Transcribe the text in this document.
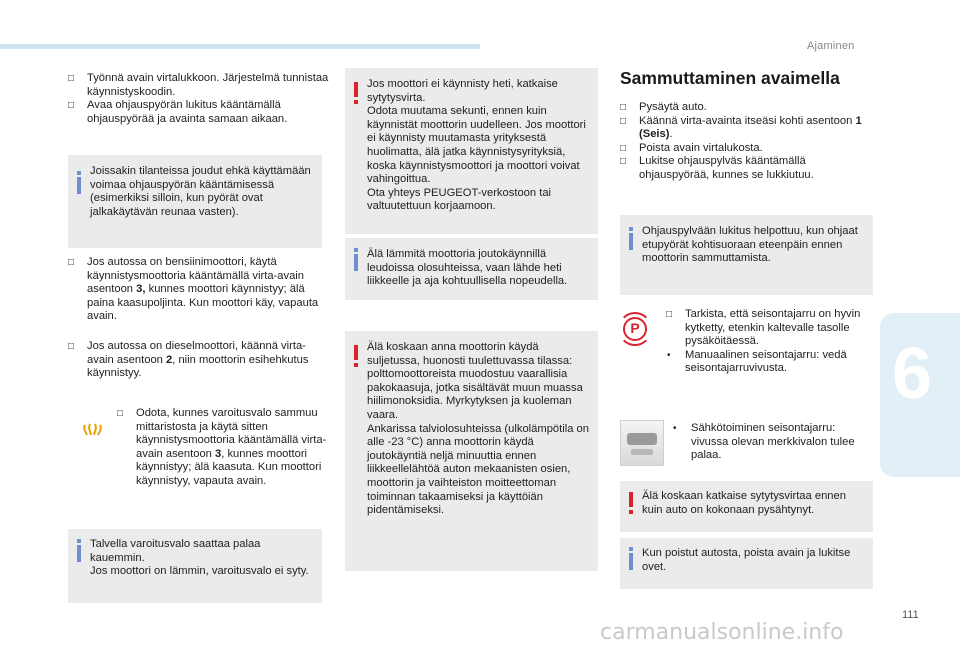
Ajaminen
6
111
carmanualsonline.info
□ Työnnä avain virtalukkoon. Järjestelmä tunnistaa käynnistyskoodin.
□ Avaa ohjauspyörän lukitus kääntämällä ohjauspyörää ja avainta samaan aikaan.
Joissakin tilanteissa joudut ehkä käyttämään voimaa ohjauspyörän kääntämisessä (esimerkiksi silloin, kun pyörät ovat jalkakäytävän reunaa vasten).
□ Jos autossa on bensiinimoottori, käytä käynnistysmoottoria kääntämällä virta-avain asentoon 3, kunnes moottori käynnistyy; älä paina kaasupoljinta. Kun moottori käy, vapauta avain.
□ Jos autossa on dieselmoottori, käännä virta-avain asentoon 2, niin moottorin esihehkutus käynnistyy.
□ Odota, kunnes varoitusvalo sammuu mittaristosta ja käytä sitten käynnistysmoottoria kääntämällä virta-avain asentoon 3, kunnes moottori käynnistyy; älä kaasuta. Kun moottori käynnistyy, vapauta avain.
Talvella varoitusvalo saattaa palaa kauemmin.
Jos moottori on lämmin, varoitusvalo ei syty.
Jos moottori ei käynnisty heti, katkaise sytytysvirta.
Odota muutama sekunti, ennen kuin käynnistät moottorin uudelleen. Jos moottori ei käynnisty muutamasta yrityksestä huolimatta, älä jatka käynnistysyrityksiä, koska käynnistysmoottori ja moottori voivat vahingoittua.
Ota yhteys PEUGEOT-verkostoon tai valtuutettuun korjaamoon.
Älä lämmitä moottoria joutokäynnillä leudoissa olosuhteissa, vaan lähde heti liikkeelle ja aja kohtuullisella nopeudella.
Älä koskaan anna moottorin käydä suljetussa, huonosti tuulettuvassa tilassa: polttomoottoreista muodostuu vaarallisia pakokaasuja, jotka sisältävät muun muassa hiilimonoksidia. Myrkytyksen ja kuoleman vaara.
Ankarissa talviolosuhteissa (ulkolämpötila on alle -23 °C) anna moottorin käydä joutokäyntiä neljä minuuttia ennen liikkeellelähtöä auton mekaanisten osien, moottorin ja vaihteiston moitteettoman toiminnan takaamiseksi ja käyttöiän pidentämiseksi.
Sammuttaminen avaimella
□ Pysäytä auto.
□ Käännä virta-avainta itseäsi kohti asentoon 1 (Seis).
□ Poista avain virtalukosta.
□ Lukitse ohjauspylväs kääntämällä ohjauspyörää, kunnes se lukkiutuu.
Ohjauspylvään lukitus helpottuu, kun ohjaat etupyörät kohtisuoraan eteenpäin ennen moottorin sammuttamista.
P
□ Tarkista, että seisontajarru on hyvin kytketty, etenkin kaltevalle tasolle pysäköitäessä.
• Manuaalinen seisontajarru: vedä seisontajarruvivusta.
• Sähkötoiminen seisontajarru: vivussa olevan merkkivalon tulee palaa.
Älä koskaan katkaise sytytysvirtaa ennen kuin auto on kokonaan pysähtynyt.
Kun poistut autosta, poista avain ja lukitse ovet.
